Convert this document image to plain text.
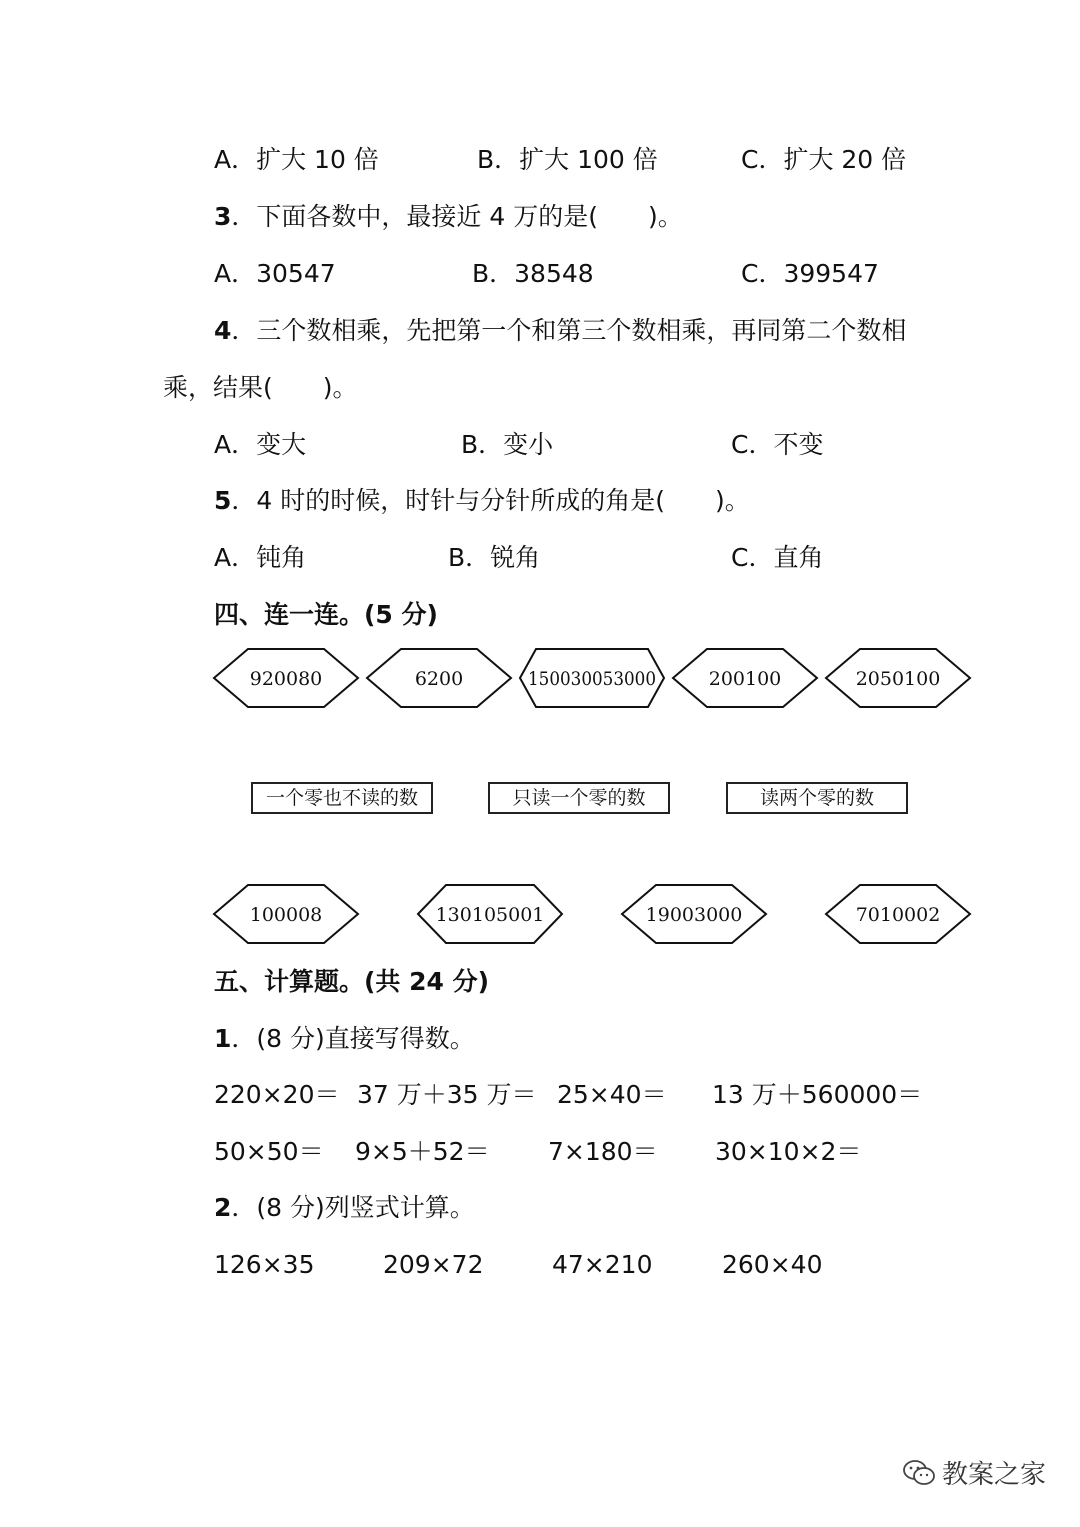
A．扩大 10 倍	B．扩大 100 倍	C．扩大 20 倍
3．下面各数中，最接近 4 万的是(　　)。
A．30547	B．38548	C．399547
4．三个数相乘，先把第一个和第三个数相乘，再同第二个数相
乘，结果(　　)。
A．变大	B．变小	C．不变
5．4 时的时候，时针与分针所成的角是(　　)。
A．钝角	B．锐角	C．直角
四、连一连。(5 分)
920080	6200	150030053000	200100	2050100
一个零也不读的数	只读一个零的数	读两个零的数
100008	130105001	19003000	7010002
五、计算题。(共 24 分)
1．(8 分)直接写得数。
220×20＝ 37 万＋35 万＝ 25×40＝ 13 万＋560000＝
50×50＝ 9×5＋52＝ 7×180＝ 30×10×2＝
2．(8 分)列竖式计算。
126×35	209×72	47×210	260×40
教案之家
